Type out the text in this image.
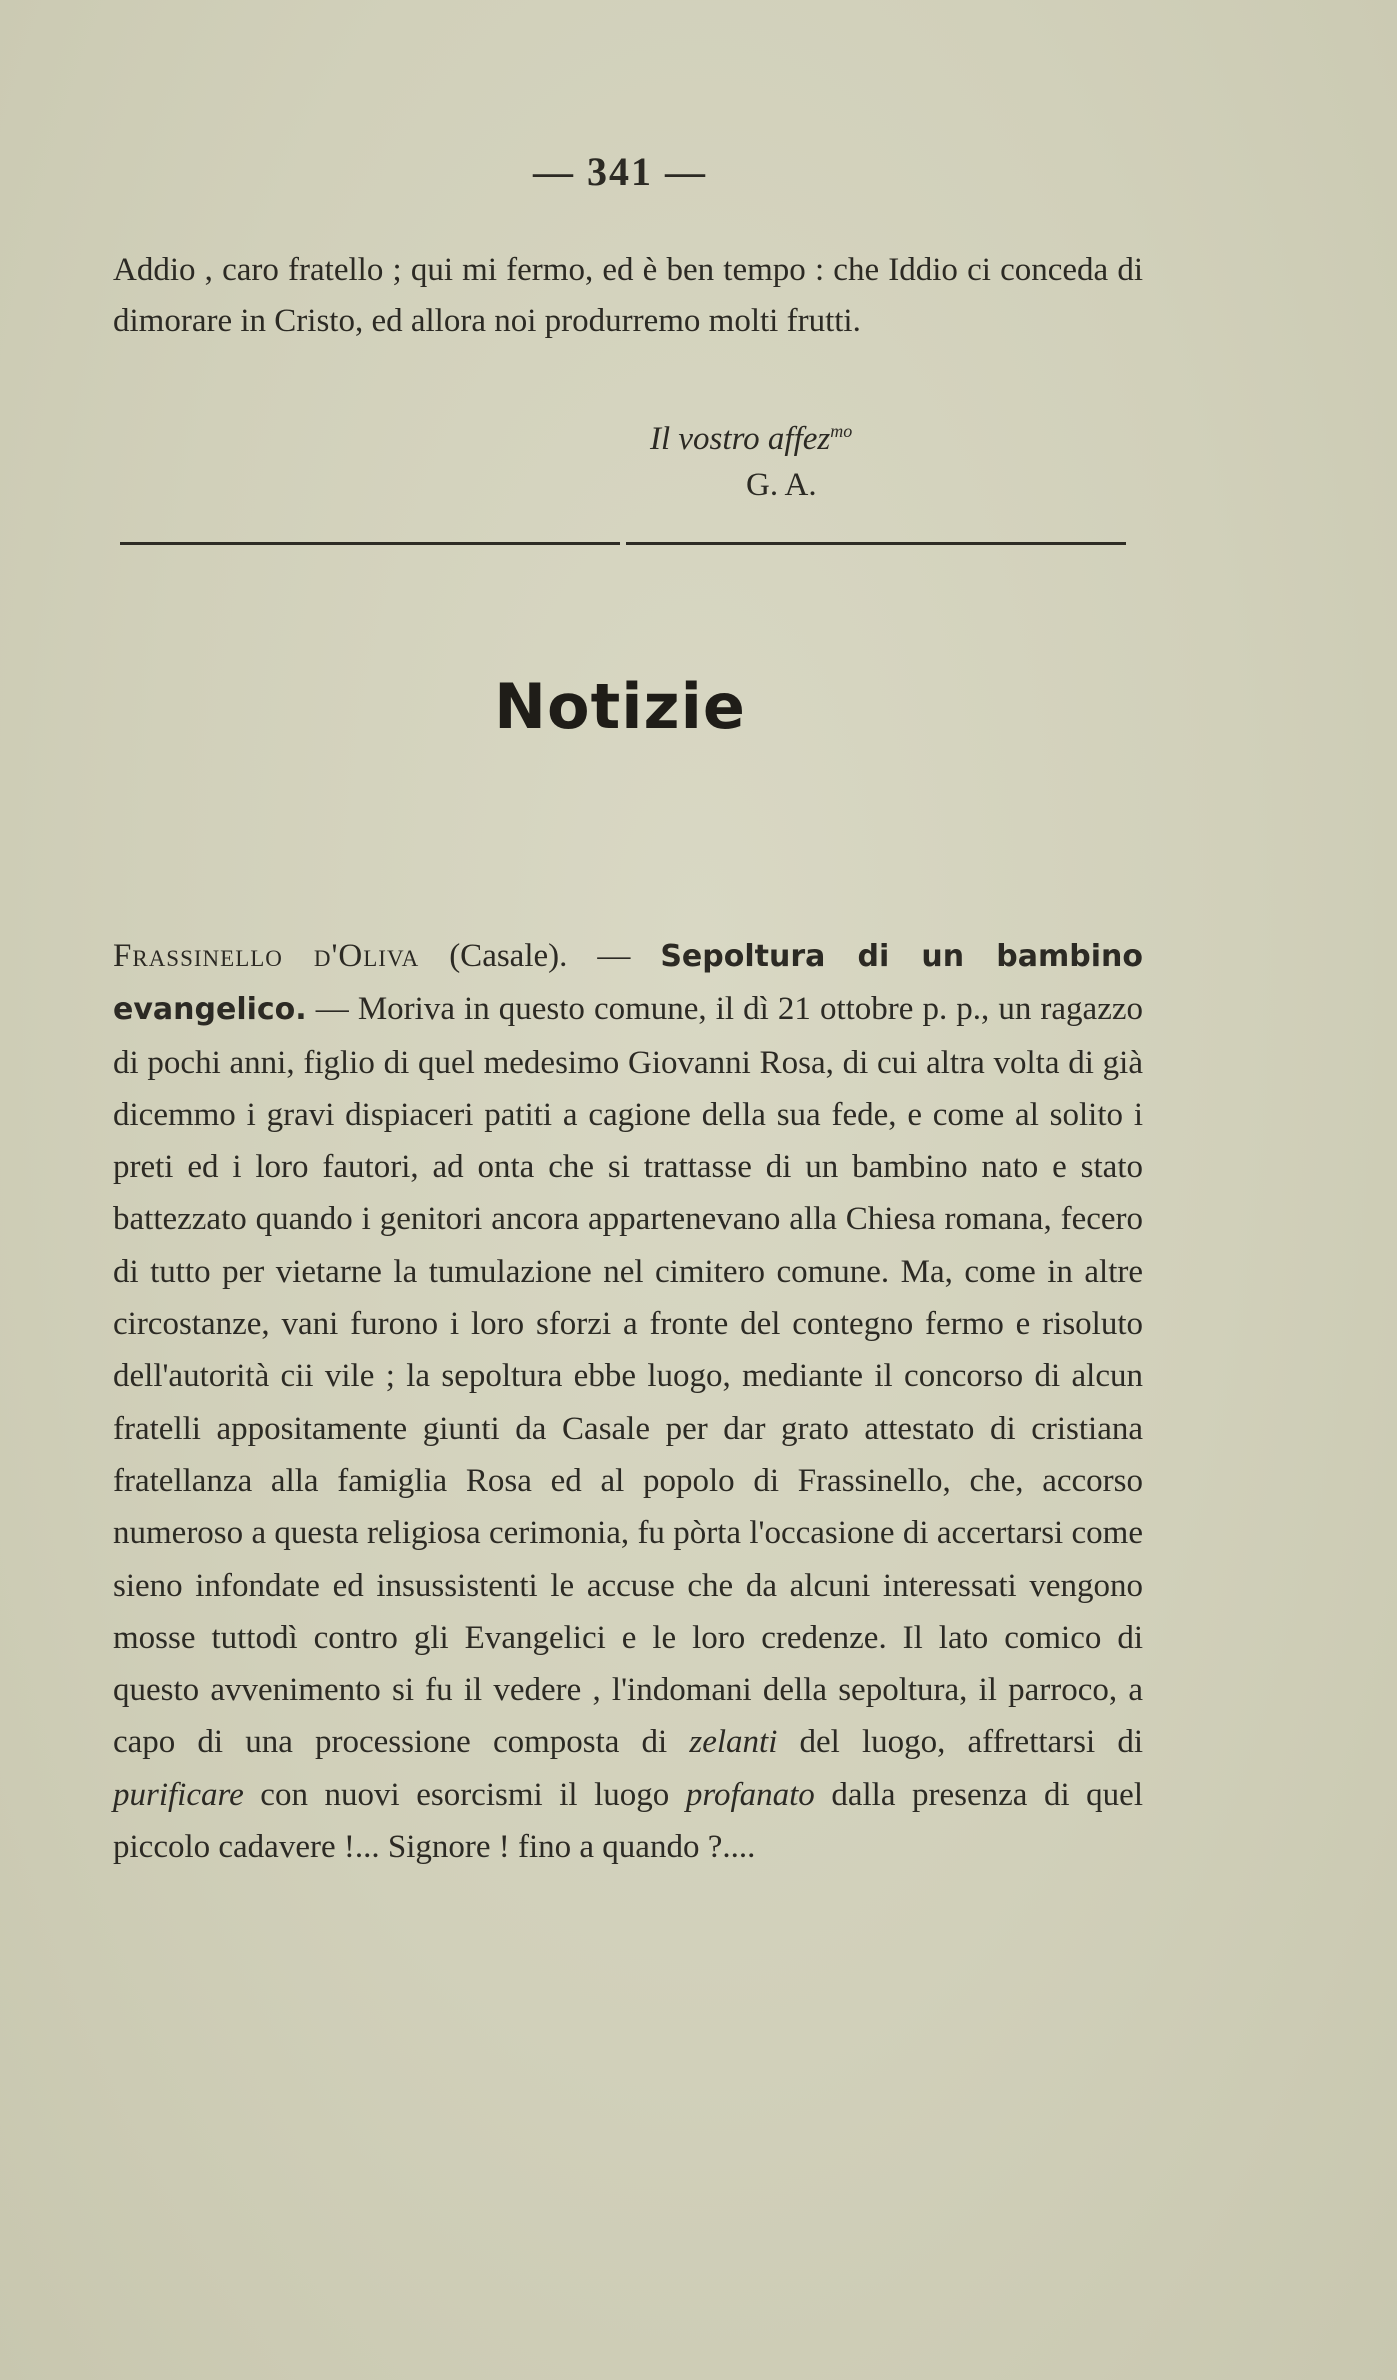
— 341 —

Addio , caro fratello ; qui mi fermo, ed è ben tempo : che Iddio ci conceda di dimorare in Cristo, ed allora noi produrremo molti frutti.

Il vostro affez$^{mo}$
G. A.
Notizie

Frassinello d'Oliva (Casale). — Sepoltura di un bambino evangelico. — Moriva in questo comune, il dì 21 ottobre p. p., un ragazzo di pochi anni, figlio di quel medesimo Giovanni Rosa, di cui altra volta di già dicemmo i gravi dispiaceri patiti a cagione della sua fede, e come al solito i preti ed i loro fautori, ad onta che si trattasse di un bambino nato e stato battezzato quando i genitori ancora appartenevano alla Chiesa romana, fecero di tutto per vietarne la tumulazione nel cimitero comune. Ma, come in altre circostanze, vani furono i loro sforzi a fronte del contegno fermo e risoluto dell'autorità cii vile ; la sepoltura ebbe luogo, mediante il concorso di alcun fratelli appositamente giunti da Casale per dar grato attestato di cristiana fratellanza alla famiglia Rosa ed al popolo di Frassinello, che, accorso numeroso a questa religiosa cerimonia, fu pòrta l'occasione di accertarsi come sieno infondate ed insussistenti le accuse che da alcuni interessati vengono mosse tuttodì contro gli Evangelici e le loro credenze. Il lato comico di questo avvenimento si fu il vedere , l'indomani della sepoltura, il parroco, a capo di una processione composta di zelanti del luogo, affrettarsi di purificare con nuovi esorcismi il luogo profanato dalla presenza di quel piccolo cadavere !... Signore ! fino a quando ?....
